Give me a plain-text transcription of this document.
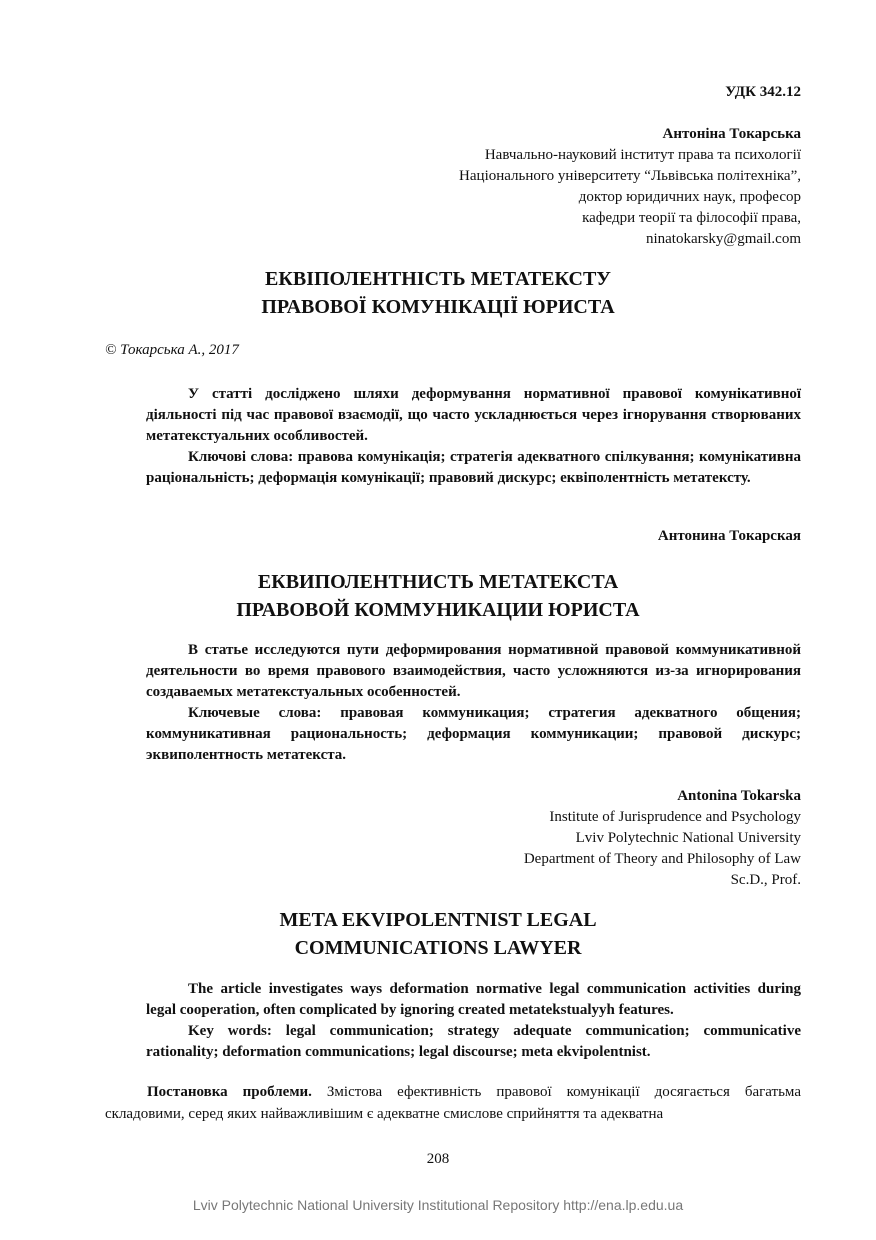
УДК 342.12
Антоніна Токарська
Навчально-науковий інститут права та психології
Національного університету “Львівська політехніка”,
доктор юридичних наук, професор
кафедри теорії та філософії права,
ninatokarsky@gmail.com
ЕКВІПОЛЕНТНІСТЬ МЕТАТЕКСТУ
ПРАВОВОЇ КОМУНІКАЦІЇ ЮРИСТА
© Токарська А., 2017

У статті досліджено шляхи деформування нормативної правової комунікативної діяльності під час правової взаємодії, що часто ускладнюється через ігнорування створюваних метатекстуальних особливостей.

Ключові слова: правова комунікація; стратегія адекватного спілкування; комунікативна раціональність; деформація комунікації; правовий дискурс; еквіполентність метатексту.

Антонина Токарская
ЕКВИПОЛЕНТНИСТЬ МЕТАТЕКСТА
ПРАВОВОЙ КОММУНИКАЦИИ ЮРИСТА

В статье исследуются пути деформирования нормативной правовой коммуникативной деятельности во время правового взаимодействия, часто усложняются из-за игнорирования создаваемых метатекстуальных особенностей.

Ключевые слова: правовая коммуникация; стратегия адекватного общения; коммуникативная рациональность; деформация коммуникации; правовой дискурс; эквиполентность метатекста.

Antonina Tokarska
Institute of Jurisprudence and Psychology
Lviv Polytechnic National University
Department of Theory and Philosophy of Law
Sc.D., Prof.
META EKVIPOLENTNIST LEGAL
COMMUNICATIONS LAWYER

The article investigates ways deformation normative legal communication activities during legal cooperation, often complicated by ignoring created metatekstualyyh features.

Key words: legal communication; strategy adequate communication; communicative rationality; deformation communications; legal discourse; meta ekvipolentnist.

Постановка проблеми. Змістова ефективність правової комунікації досягається багатьма складовими, серед яких найважливішим є адекватне смислове сприйняття та адекватна

208
Lviv Polytechnic National University Institutional Repository http://ena.lp.edu.ua
